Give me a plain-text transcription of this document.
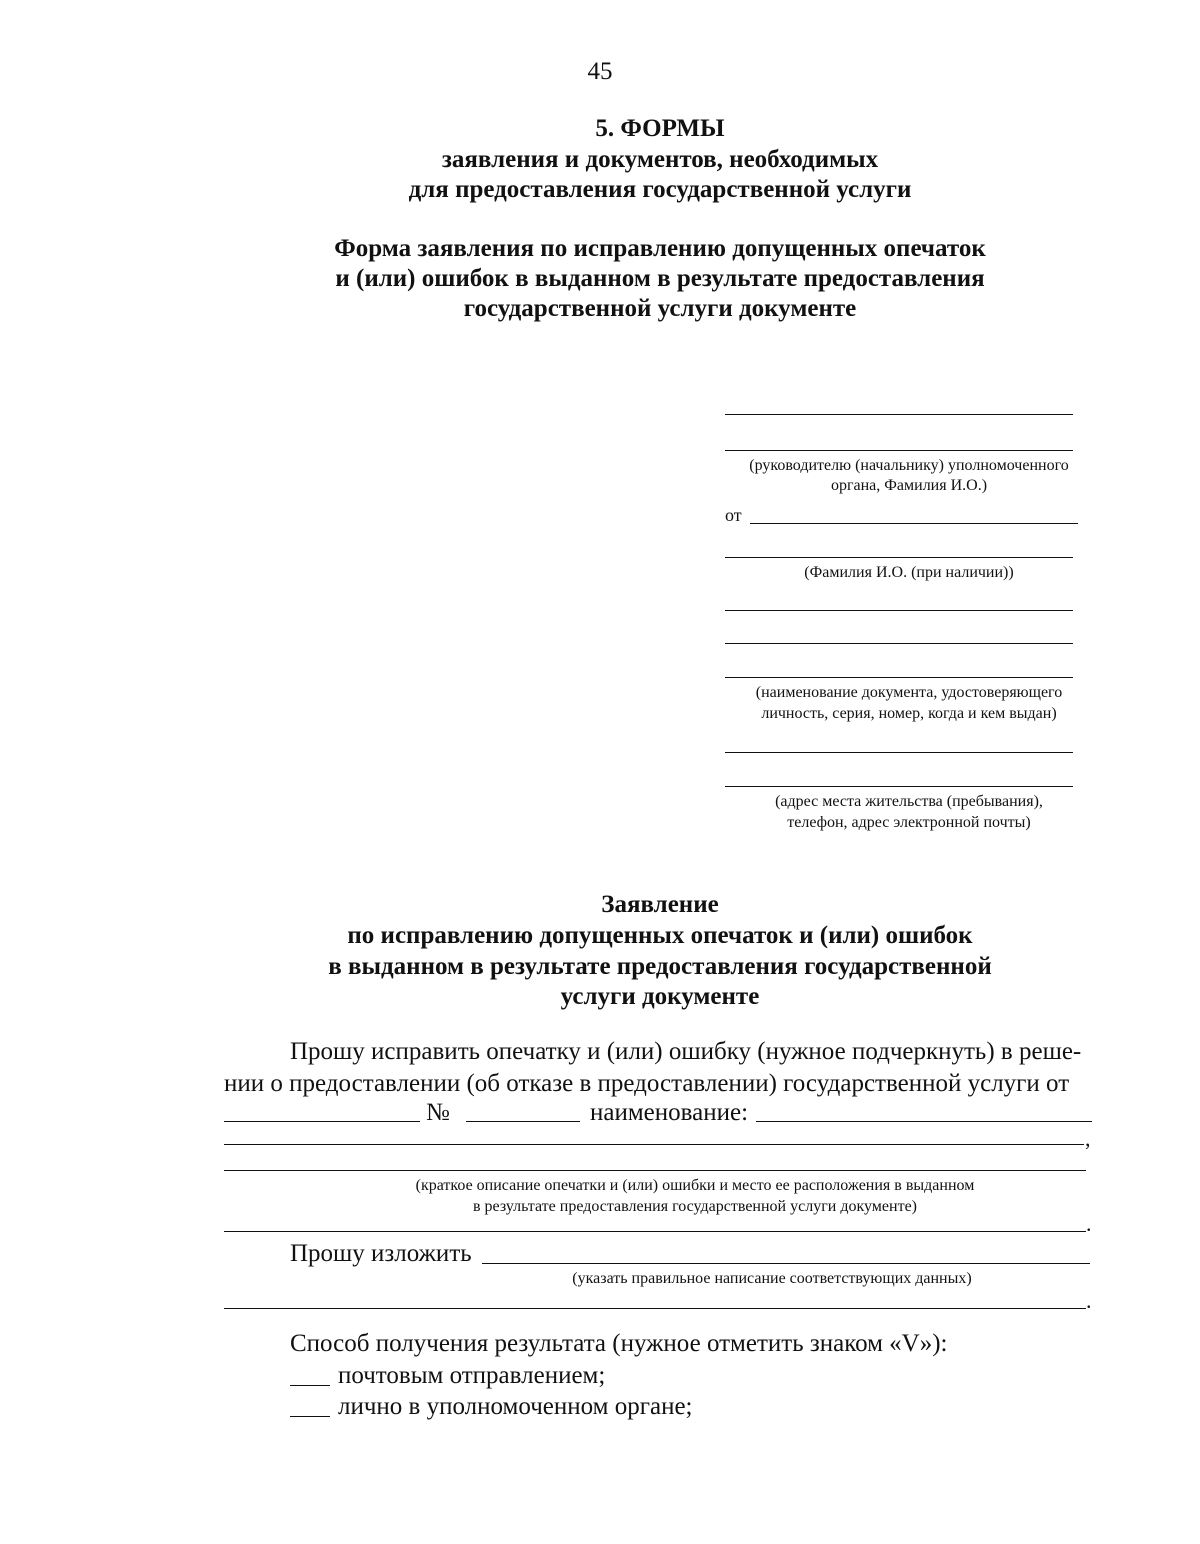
45
5. ФОРМЫ
заявления и документов, необходимых
для предоставления государственной услуги
Форма заявления по исправлению допущенных опечаток
и (или) ошибок в выданном в результате предоставления
государственной услуги документе
(руководителю (начальнику) уполномоченного
органа, Фамилия И.О.)
от
(Фамилия И.О. (при наличии))
(наименование документа, удостоверяющего
личность, серия, номер, когда и кем выдан)
(адрес места жительства (пребывания),
телефон, адрес электронной почты)
Заявление
по исправлению допущенных опечаток и (или) ошибок
в выданном в результате предоставления государственной
услуги документе
Прошу исправить опечатку и (или) ошибку (нужное подчеркнуть) в реше-
нии о предоставлении (об отказе в предоставлении) государственной услуги от
№	наименование:
,
(краткое описание опечатки и (или) ошибки и место ее расположения в выданном
в результате предоставления государственной услуги документе)
.
Прошу изложить
(указать правильное написание соответствующих данных)
.
Способ получения результата (нужное отметить знаком «V»):
почтовым отправлением;
лично в уполномоченном органе;
